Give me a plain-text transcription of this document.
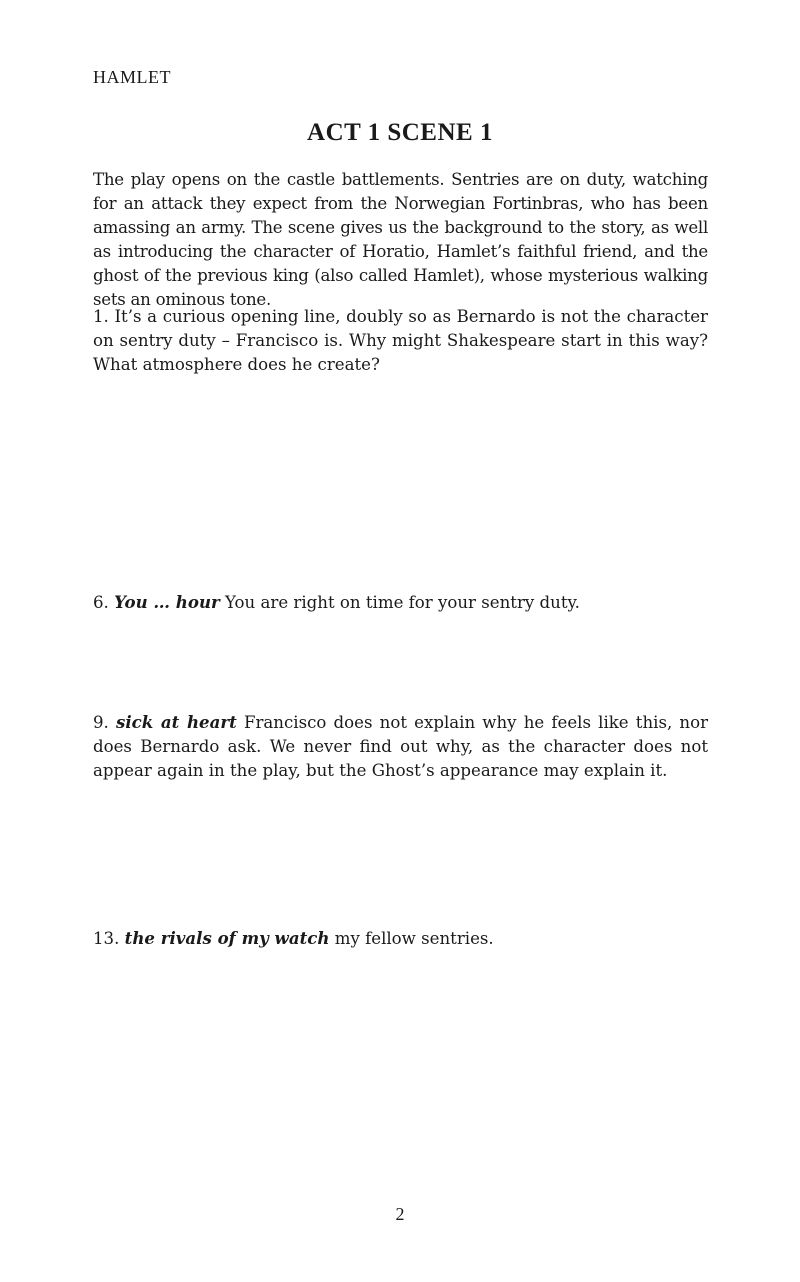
HAMLET
ACT 1 SCENE 1

The play opens on the castle battlements. Sentries are on duty, watching for an attack they expect from the Norwegian Fortinbras, who has been amassing an army. The scene gives us the background to the story, as well as introducing the character of Horatio, Hamlet’s faithful friend, and the ghost of the previous king (also called Hamlet), whose mysterious walking sets an ominous tone.

1. It’s a curious opening line, doubly so as Bernardo is not the character on sentry duty – Francisco is. Why might Shakespeare start in this way? What atmosphere does he create?

6. You … hour You are right on time for your sentry duty.

9. sick at heart Francisco does not explain why he feels like this, nor does Bernardo ask. We never find out why, as the character does not appear again in the play, but the Ghost’s appearance may explain it.

13. the rivals of my watch my fellow sentries.

2
